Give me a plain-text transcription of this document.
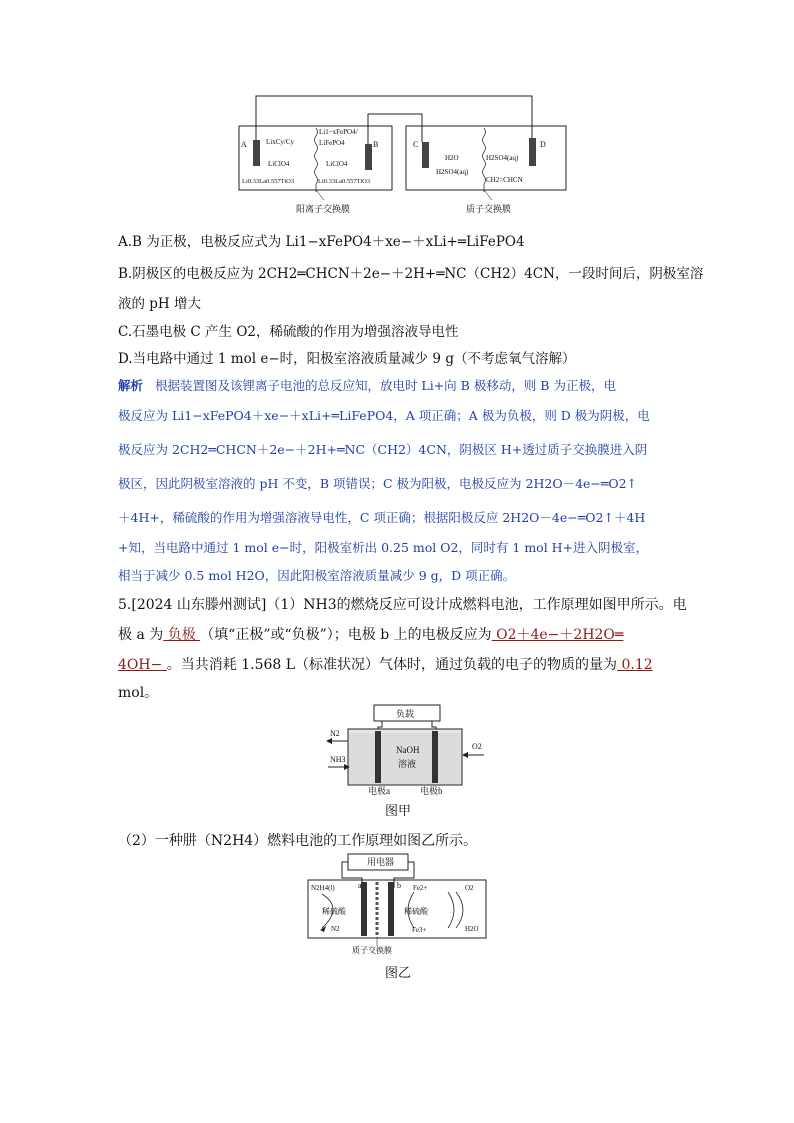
A	LixCy/Cy
LiClO4
Li0.33La0.557TiO3
Li1−xFePO4/
LiFePO4	B
LiClO4
Li0.33La0.557TiO3
阳离子交换膜
C
H2O
H2SO4(aq)
H2SO4(aq)
CH2=CHCN
D
质子交换膜
A.B 为正极，电极反应式为 Li1−xFePO4＋xe−＋xLi+═LiFePO4
B.阴极区的电极反应为 2CH2═CHCN＋2e−＋2H+═NC（CH2）4CN，一段时间后，阴极室溶
液的 pH 增大
C.石墨电极 C 产生 O2，稀硫酸的作用为增强溶液导电性
D.当电路中通过 1 mol e−时，阳极室溶液质量减少 9 g（不考虑氧气溶解）
解析 根据装置图及该锂离子电池的总反应知，放电时 Li+向 B 极移动，则 B 为正极，电
极反应为 Li1−xFePO4＋xe−＋xLi+═LiFePO4，A 项正确；A 极为负极，则 D 极为阴极，电
极反应为 2CH2═CHCN＋2e−＋2H+═NC（CH2）4CN，阴极区 H+透过质子交换膜进入阴
极区，因此阴极室溶液的 pH 不变，B 项错误；C 极为阳极，电极反应为 2H2O－4e−═O2↑
＋4H+，稀硫酸的作用为增强溶液导电性，C 项正确；根据阳极反应 2H2O－4e−═O2↑＋4H
+知，当电路中通过 1 mol e−时，阳极室析出 0.25 mol O2，同时有 1 mol H+进入阴极室，
相当于减少 0.5 mol H2O，因此阳极室溶液质量减少 9 g，D 项正确。
5.[2024 山东滕州测试]（1）NH3的燃烧反应可设计成燃料电池，工作原理如图甲所示。电
极 a 为 负极 （填“正极”或“负极”）；电极 b 上的电极反应为 O2＋4e−＋2H2O═
4OH− 。当共消耗 1.568 L（标准状况）气体时，通过负载的电子的物质的量为 0.12
mol。
负载
N2
NH3
O2
NaOH
溶液
电极a	电极b
图甲
（2）一种肼（N2H4）燃料电池的工作原理如图乙所示。
用电器
a	b
N2H4(l)
稀硫酸
N2
Fe2+
稀硫酸
Fe3+
O2
H2O
质子交换膜
图乙
